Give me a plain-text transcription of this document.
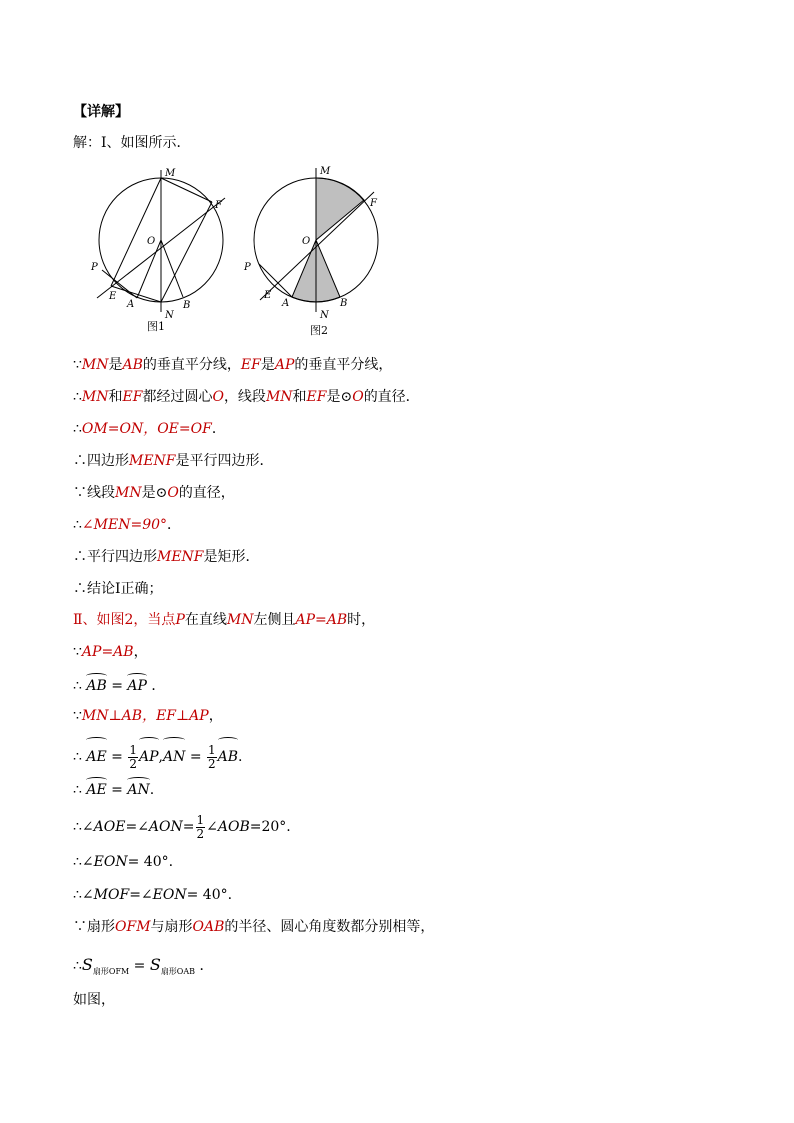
【详解】
解：Ⅰ、如图所示．
M
F
O
P
E
A	B
N
图1
M
F
O
P
E
A	B
N
图2
∵MN是AB的垂直平分线，EF是AP的垂直平分线，
∴MN和EF都经过圆心O，线段MN和EF是⊙O的直径．
∴OM=ON，OE=OF．
∴四边形MENF是平行四边形．
∵线段MN是⊙O的直径，
∴∠MEN=90°．
∴平行四边形MENF是矩形．
∴结论Ⅰ正确；
Ⅱ、如图2，当点P在直线MN左侧且AP=AB时，
∵AP=AB，
∴ AB = AP ．
∵MN⊥AB，EF⊥AP，
∴ AE = $\frac{1}{2} AP,AN = \frac{1}{2}$ AB.
∴ AE = AN.
∴∠AOE=∠AON= $\frac{1}{2}$ ∠AOB=20°.
∴∠EON= 40°.
∴∠MOF=∠EON= 40°.
∵扇形OFM与扇形OAB的半径、圆心角度数都分别相等，
$\therefore S_{扇形OFM} = S_{扇形OAB}$ ．
如图，
